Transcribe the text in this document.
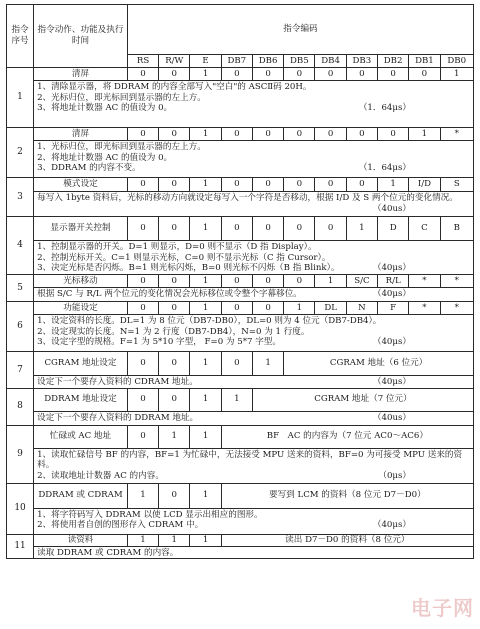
指令序号	指令动作、功能及执行时间	指令编码										
		RS	R/W	E	DB7	DB6	DB5	DB4	DB3	DB2	DB1	DB0
1	清屏	0	0	1	0	0	0	0	0	0	0	1
	1、清除显示器，将 DDRAM 的内容全部写入"空白"的 ASCⅡ码 20H。
2、光标归位，即光标回到显示器的左上方。
3、将地址计数器 AC 的值设为 0。 （1．64μs）											

2	清屏	0	0	1	0	0	0	0	0	0	1	*
	1、光标归位，即光标回到显示器的左上方。
2、将地址计数器 AC 的值设为 0。
3、DDRAM 的内容不变。 （1．64μs）											

3	模式设定	0	0	1	0	0	0	0	0	1	I/D	S
	每写入 1byte 资料后，光标的移动方向就设定每写入一个字符是否移动，根据 I/D 及 S 两个位元的变化情况。
（40us）											

4	显示器开关控制	0	0	1	0	0	0	0	1	D	C	B
	1、控制显示器的开关。D=1 则显示，D=0 则不显示（D 指 Display）。
2、控制光标开关。C=1 则显示光标，C=0 则不显示光标（C 指 Cursor）。
3、决定光标是否闪烁。B=1 则光标闪烁，B=0 则光标不闪烁（B 指 Blink）。 （40μs）											

5	光标移动	0	0	1	0	0	0	1	S/C	R/L	*	*
	根据 S/C 与 R/L 两个位元的变化情况会光标移位或令整个字幕移位。 （40μs）											

6	功能设定	0	0	1	0	0	1	DL	N	F	*	*
	1、设定资料的长度。DL=1 为 8 位元（DB7-DB0），DL=0 则为 4 位元（DB7-DB4）。
2、设定现实的长度。N=1 为 2 行度（DB7-DB4），N=0 为 1 行度。
3、设定字型的规格。F=1 为 5*10 字型， F=0 为 5*7 字型。 （40μs）											

7	CGRAM 地址设定	0	0	1	0	1	CGRAM 地址（6 位元）					
	设定下一个要存入资料的 CDRAM 地址。 （40μs）											

8	DDRAM 地址设定	0	0	1	1	CGRAM 地址（7 位元）						
	设定下一个要存入资料的 DDRAM 地址。 （40us）											

9	忙碌或 AC 地址	0	1	1	BF　AC 的内容为（7 位元 AC0～AC6）							
	1、读取忙碌信号 BF 的内容，BF=1 为忙碌中，无法接受 MPU 送来的资料，BF=0 为可接受 MPU 送来的资料。
2、读取地址计数器 AC 的内容。 （0μs）											

10	DDRAM 或 CDRAM	1	0	1	要写到 LCM 的资料（8 位元 D7－D0）							
	1、将字符码写入 DDRAM 以使 LCD 显示出相应的图形。
2、将使用者自创的图形存入 CDRAM 中。 （40μs）											

11	读资料	1	1	1	读出 D7－D0 的资料（8 位元）							
	读取 DDRAM 或 CDRAM 的内容。											
电子网
